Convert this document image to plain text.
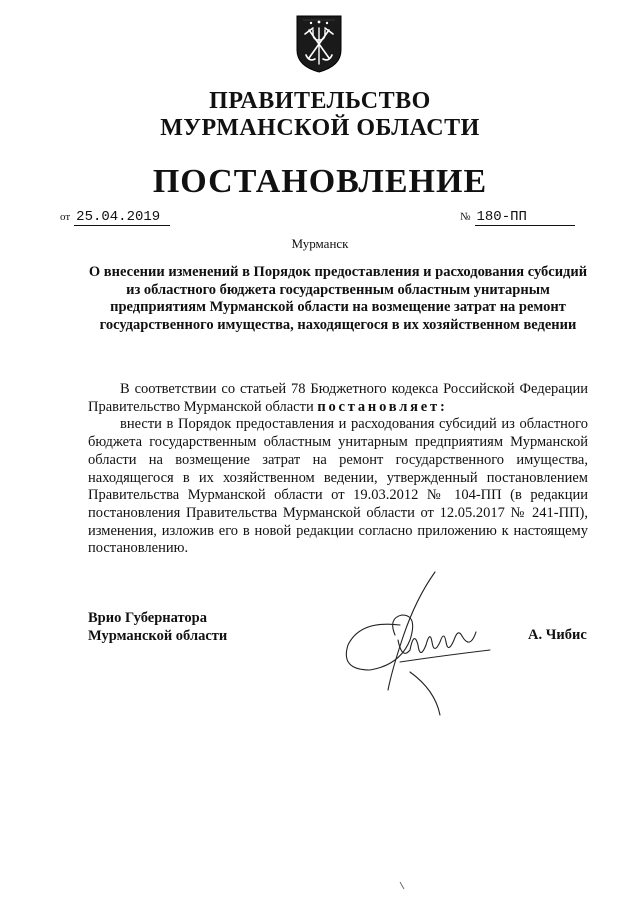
ПРАВИТЕЛЬСТВО
МУРМАНСКОЙ ОБЛАСТИ
ПОСТАНОВЛЕНИЕ
от 25.04.2019	№ 180-ПП
Мурманск
О внесении изменений в Порядок предоставления и расходования субсидий из областного бюджета государственным областным унитарным предприятиям Мурманской области на возмещение затрат на ремонт государственного имущества, находящегося в их хозяйственном ведении

В соответствии со статьей 78 Бюджетного кодекса Российской Федерации Правительство Мурманской области постановляет:

внести в Порядок предоставления и расходования субсидий из областного бюджета государственным областным унитарным предприятиям Мурманской области на возмещение затрат на ремонт государственного имущества, находящегося в их хозяйственном ведении, утвержденный постановлением Правительства Мурманской области от 19.03.2012 № 104-ПП (в редакции постановления Правительства Мурманской области от 12.05.2017 № 241-ПП), изменения, изложив его в новой редакции согласно приложению к настоящему постановлению.

Врио Губернатора
Мурманской области	А. Чибис
